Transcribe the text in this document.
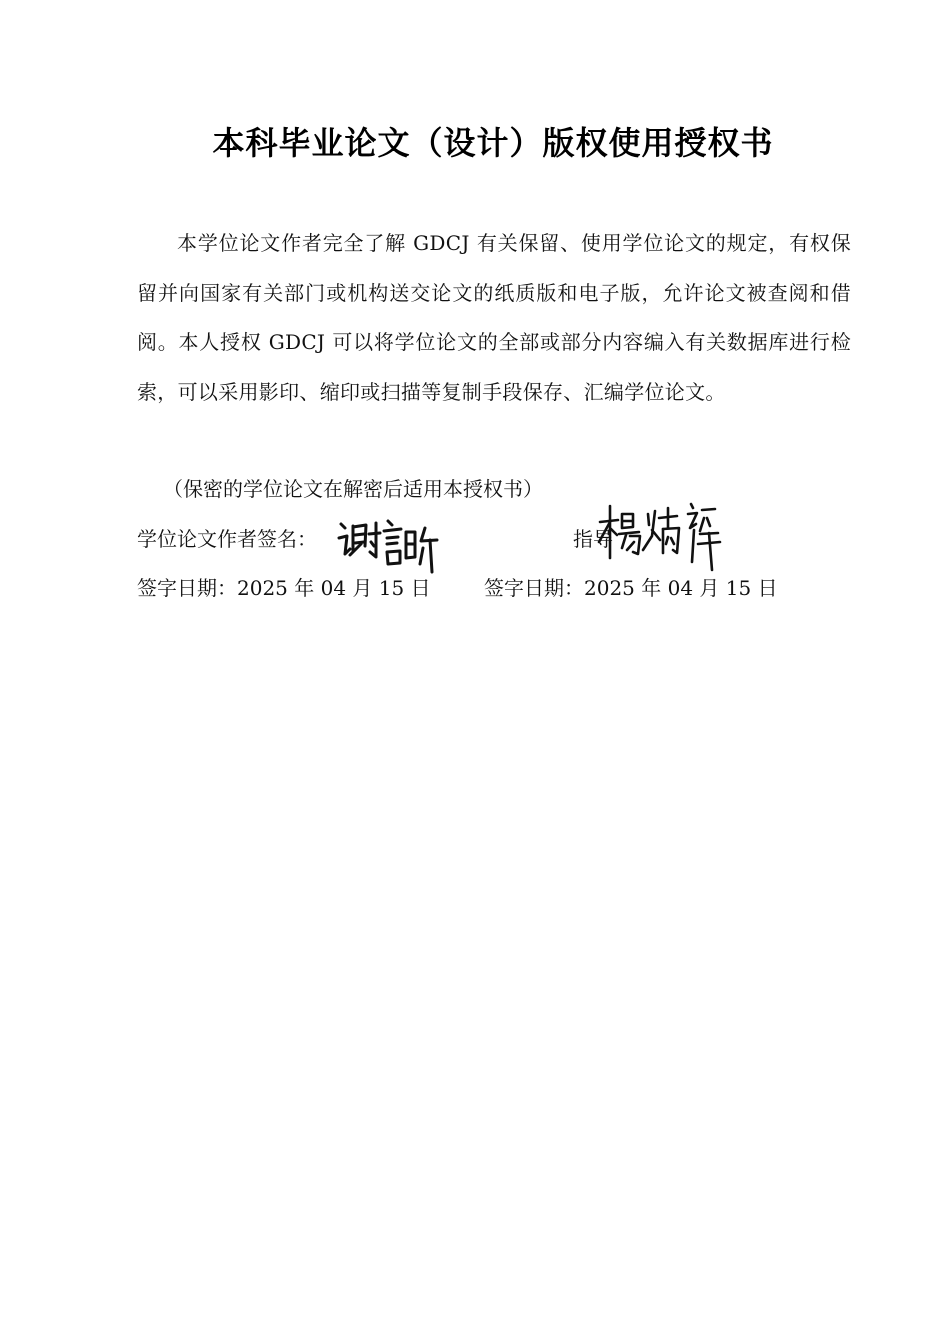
本科毕业论文（设计）版权使用授权书
本学位论文作者完全了解 GDCJ 有关保留、使用学位论文的规定，有权保留并向国家有关部门或机构送交论文的纸质版和电子版，允许论文被查阅和借阅。本人授权 GDCJ 可以将学位论文的全部或部分内容编入有关数据库进行检索，可以采用影印、缩印或扫描等复制手段保存、汇编学位论文。
（保密的学位论文在解密后适用本授权书）
学位论文作者签名：	指导
签字日期：2025 年 04 月 15 日	签字日期：2025 年 04 月 15 日
